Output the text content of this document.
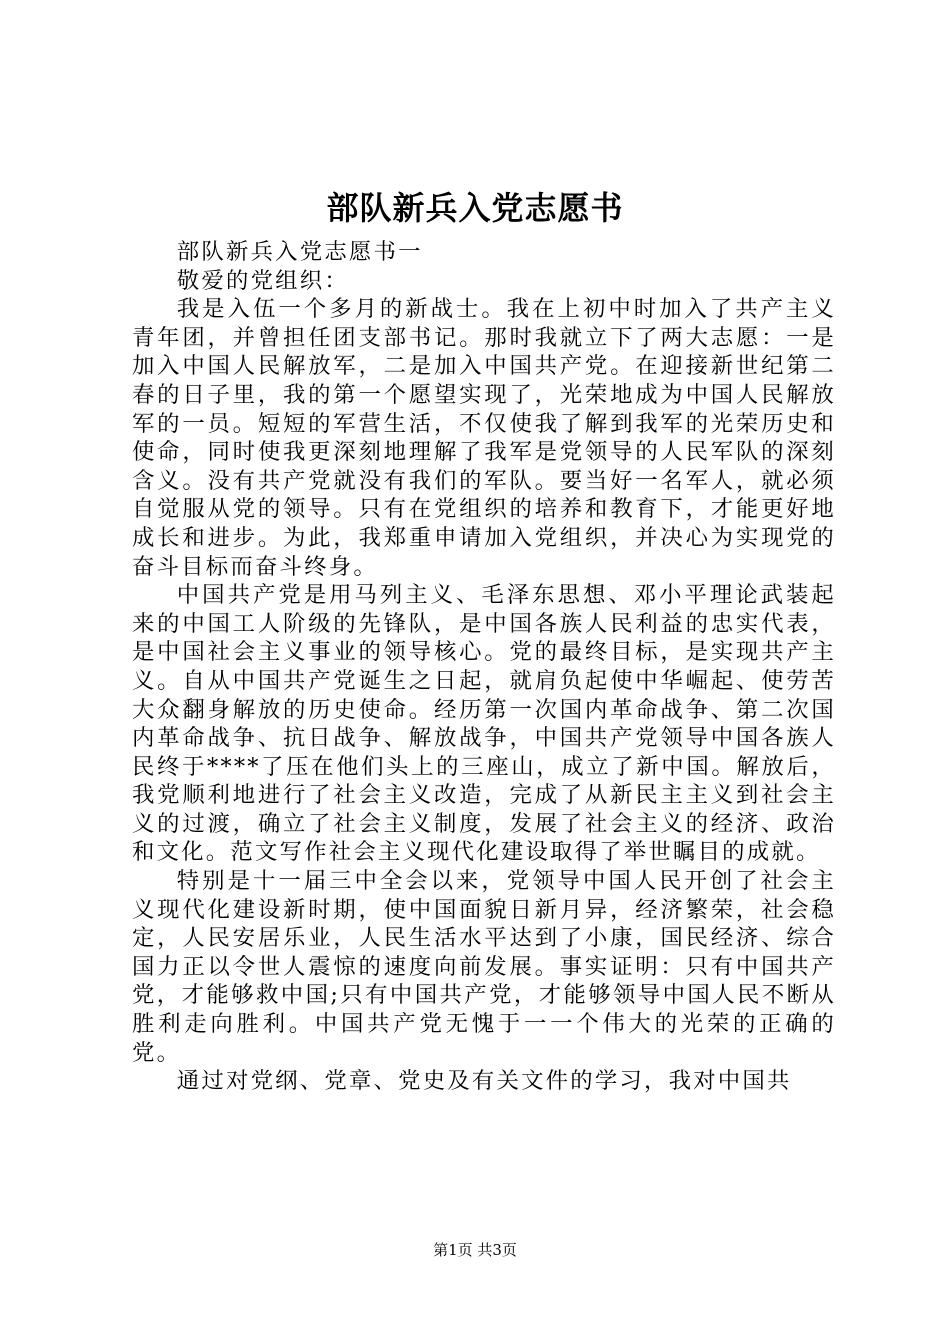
部队新兵入党志愿书

部队新兵入党志愿书一

敬爱的党组织：

我是入伍一个多月的新战士。我在上初中时加入了共产主义青年团，并曾担任团支部书记。那时我就立下了两大志愿：一是加入中国人民解放军，二是加入中国共产党。在迎接新世纪第二春的日子里，我的第一个愿望实现了，光荣地成为中国人民解放军的一员。短短的军营生活，不仅使我了解到我军的光荣历史和使命，同时使我更深刻地理解了我军是党领导的人民军队的深刻含义。没有共产党就没有我们的军队。要当好一名军人，就必须自觉服从党的领导。只有在党组织的培养和教育下，才能更好地成长和进步。为此，我郑重申请加入党组织，并决心为实现党的奋斗目标而奋斗终身。

中国共产党是用马列主义、毛泽东思想、邓小平理论武装起来的中国工人阶级的先锋队，是中国各族人民利益的忠实代表，是中国社会主义事业的领导核心。党的最终目标，是实现共产主义。自从中国共产党诞生之日起，就肩负起使中华崛起、使劳苦大众翻身解放的历史使命。经历第一次国内革命战争、第二次国内革命战争、抗日战争、解放战争，中国共产党领导中国各族人民终于****了压在他们头上的三座山，成立了新中国。解放后，我党顺利地进行了社会主义改造，完成了从新民主主义到社会主义的过渡，确立了社会主义制度，发展了社会主义的经济、政治和文化。范文写作社会主义现代化建设取得了举世瞩目的成就。

特别是十一届三中全会以来，党领导中国人民开创了社会主义现代化建设新时期，使中国面貌日新月异，经济繁荣，社会稳定，人民安居乐业，人民生活水平达到了小康，国民经济、综合国力正以令世人震惊的速度向前发展。事实证明：只有中国共产党，才能够救中国;只有中国共产党，才能够领导中国人民不断从胜利走向胜利。中国共产党无愧于一一个伟大的光荣的正确的党。

通过对党纲、党章、党史及有关文件的学习，我对中国共

第1页 共3页
